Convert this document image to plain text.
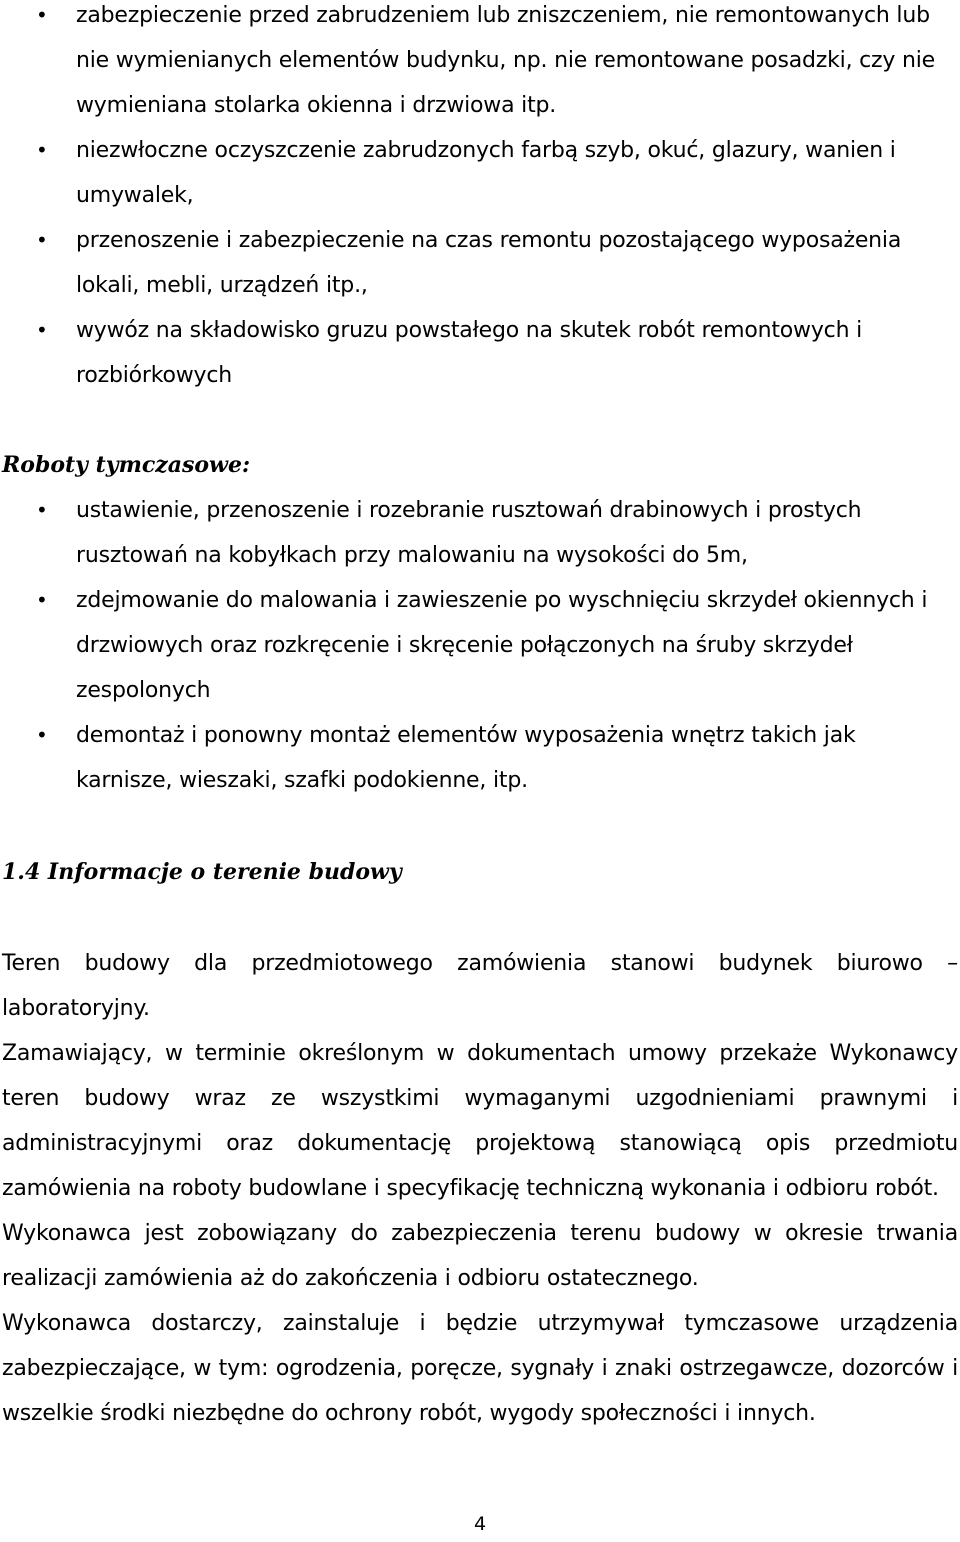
• zabezpieczenie przed zabrudzeniem lub zniszczeniem, nie remontowanych lub nie wymienianych elementów budynku, np. nie remontowane posadzki, czy nie wymieniana stolarka okienna i drzwiowa itp.
• niezwłoczne oczyszczenie zabrudzonych farbą szyb, okuć, glazury, wanien i umywalek,
• przenoszenie i zabezpieczenie na czas remontu pozostającego wyposażenia lokali, mebli, urządzeń itp.,
• wywóz na składowisko gruzu powstałego na skutek robót remontowych i rozbiórkowych
Roboty tymczasowe:
• ustawienie, przenoszenie i rozebranie rusztowań drabinowych i prostych rusztowań na kobyłkach przy malowaniu na wysokości do 5m,
• zdejmowanie do malowania i zawieszenie po wyschnięciu skrzydeł okiennych i drzwiowych oraz rozkręcenie i skręcenie połączonych na śruby skrzydeł zespolonych
• demontaż i ponowny montaż elementów wyposażenia wnętrz takich jak karnisze, wieszaki, szafki podokienne, itp.
1.4 Informacje o terenie budowy

Teren budowy dla przedmiotowego zamówienia stanowi budynek biurowo – laboratoryjny.

Zamawiający, w terminie określonym w dokumentach umowy przekaże Wykonawcy teren budowy wraz ze wszystkimi wymaganymi uzgodnieniami prawnymi i administracyjnymi oraz dokumentację projektową stanowiącą opis przedmiotu zamówienia na roboty budowlane i specyfikację techniczną wykonania i odbioru robót.

Wykonawca jest zobowiązany do zabezpieczenia terenu budowy w okresie trwania realizacji zamówienia aż do zakończenia i odbioru ostatecznego.

Wykonawca dostarczy, zainstaluje i będzie utrzymywał tymczasowe urządzenia zabezpieczające, w tym: ogrodzenia, poręcze, sygnały i znaki ostrzegawcze, dozorców i wszelkie środki niezbędne do ochrony robót, wygody społeczności i innych.

4
